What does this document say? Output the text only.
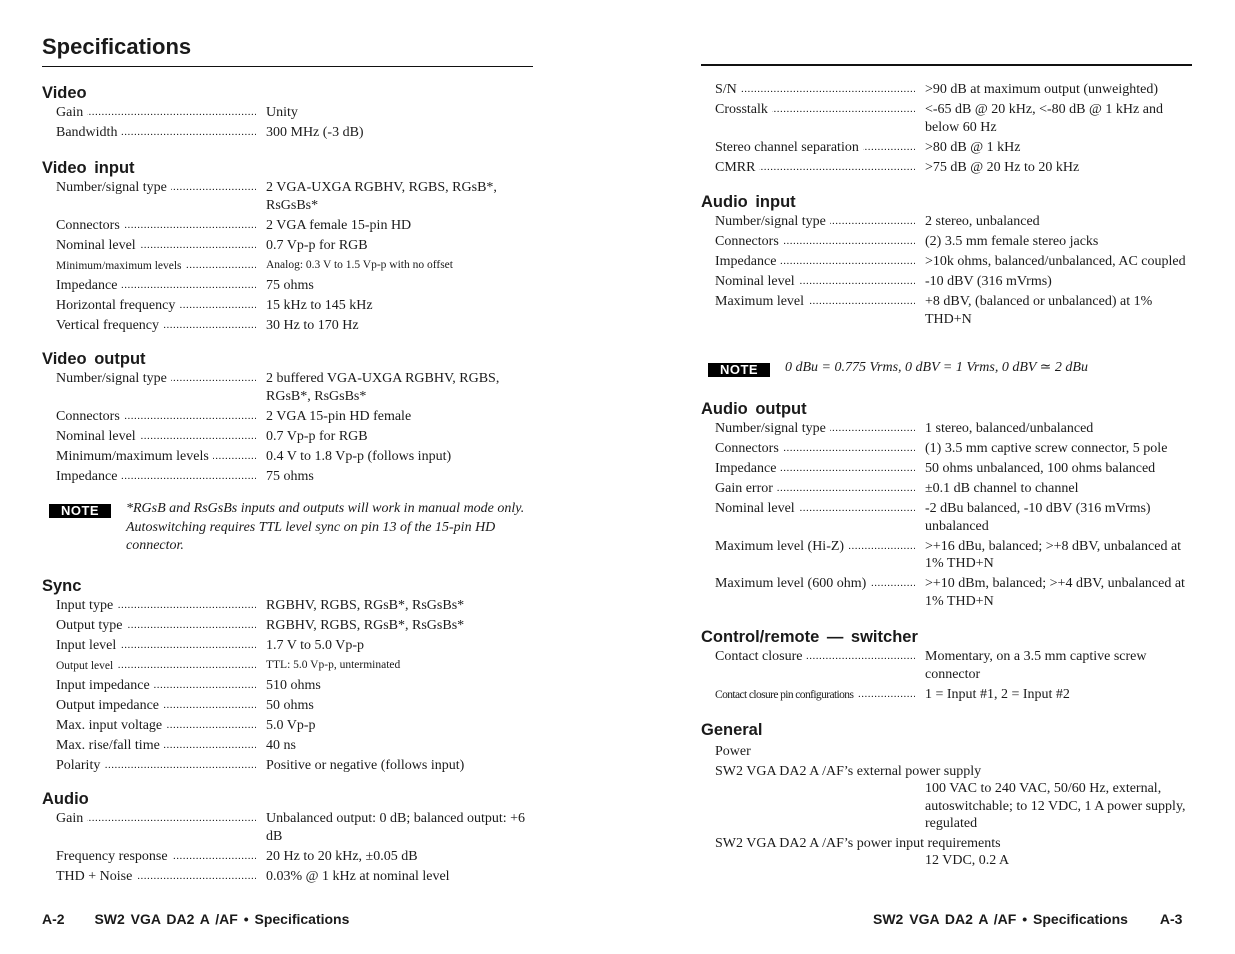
Specifications
Video
Gain .....	Unity
Bandwidth .....	300 MHz (-3 dB)
Video input
Number/signal type .....	2 VGA-UXGA RGBHV, RGBS, RGsB*, RsGsBs*
Connectors .....	2 VGA female 15-pin HD
Nominal level .....	0.7 Vp-p for RGB
Minimum/maximum levels .....	Analog: 0.3 V to 1.5 Vp-p with no offset
Impedance .....	75 ohms
Horizontal frequency .....	15 kHz to 145 kHz
Vertical frequency .....	30 Hz to 170 Hz
Video output
Number/signal type .....	2 buffered VGA-UXGA RGBHV, RGBS, RGsB*, RsGsBs*
Connectors .....	2 VGA 15-pin HD female
Nominal level .....	0.7 Vp-p for RGB
Minimum/maximum levels .....	0.4 V to 1.8 Vp-p (follows input)
Impedance .....	75 ohms
NOTE	*RGsB and RsGsBs inputs and outputs will work in manual mode only. Autoswitching requires TTL level sync on pin 13 of the 15-pin HD connector.
Sync
Input type .....	RGBHV, RGBS, RGsB*, RsGsBs*
Output type .....	RGBHV, RGBS, RGsB*, RsGsBs*
Input level .....	1.7 V to 5.0 Vp-p
Output level .....	TTL: 5.0 Vp-p, unterminated
Input impedance .....	510 ohms
Output impedance .....	50 ohms
Max. input voltage .....	5.0 Vp-p
Max. rise/fall time .....	40 ns
Polarity .....	Positive or negative (follows input)
Audio
Gain .....	Unbalanced output: 0 dB; balanced output: +6 dB
Frequency response .....	20 Hz to 20 kHz, ±0.05 dB
THD + Noise .....	0.03% @ 1 kHz at nominal level
A-2 SW2 VGA DA2 A /AF • Specifications
S/N .....	>90 dB at maximum output (unweighted)
Crosstalk .....	<-65 dB @ 20 kHz, <-80 dB @ 1 kHz and below 60 Hz
Stereo channel separation .....	>80 dB @ 1 kHz
CMRR .....	>75 dB @ 20 Hz to 20 kHz
Audio input
Number/signal type .....	2 stereo, unbalanced
Connectors .....	(2) 3.5 mm female stereo jacks
Impedance .....	>10k ohms, balanced/unbalanced, AC coupled
Nominal level .....	-10 dBV (316 mVrms)
Maximum level .....	+8 dBV, (balanced or unbalanced) at 1% THD+N
NOTE	0 dBu = 0.775 Vrms, 0 dBV = 1 Vrms, 0 dBV ≃ 2 dBu
Audio output
Number/signal type .....	1 stereo, balanced/unbalanced
Connectors .....	(1) 3.5 mm captive screw connector, 5 pole
Impedance .....	50 ohms unbalanced, 100 ohms balanced
Gain error .....	±0.1 dB channel to channel
Nominal level .....	-2 dBu balanced, -10 dBV (316 mVrms) unbalanced
Maximum level (Hi-Z) .....	>+16 dBu, balanced; >+8 dBV, unbalanced at 1% THD+N
Maximum level (600 ohm) .....	>+10 dBm, balanced; >+4 dBV, unbalanced at 1% THD+N
Control/remote — switcher
Contact closure .....	Momentary, on a 3.5 mm captive screw connector
Contact closure pin configurations .....	1 = Input #1, 2 = Input #2
General
Power
SW2 VGA DA2 A /AF’s external power supply
100 VAC to 240 VAC, 50/60 Hz, external, autoswitchable; to 12 VDC, 1 A power supply, regulated
SW2 VGA DA2 A /AF’s power input requirements
12 VDC, 0.2 A
SW2 VGA DA2 A /AF • Specifications A-3
